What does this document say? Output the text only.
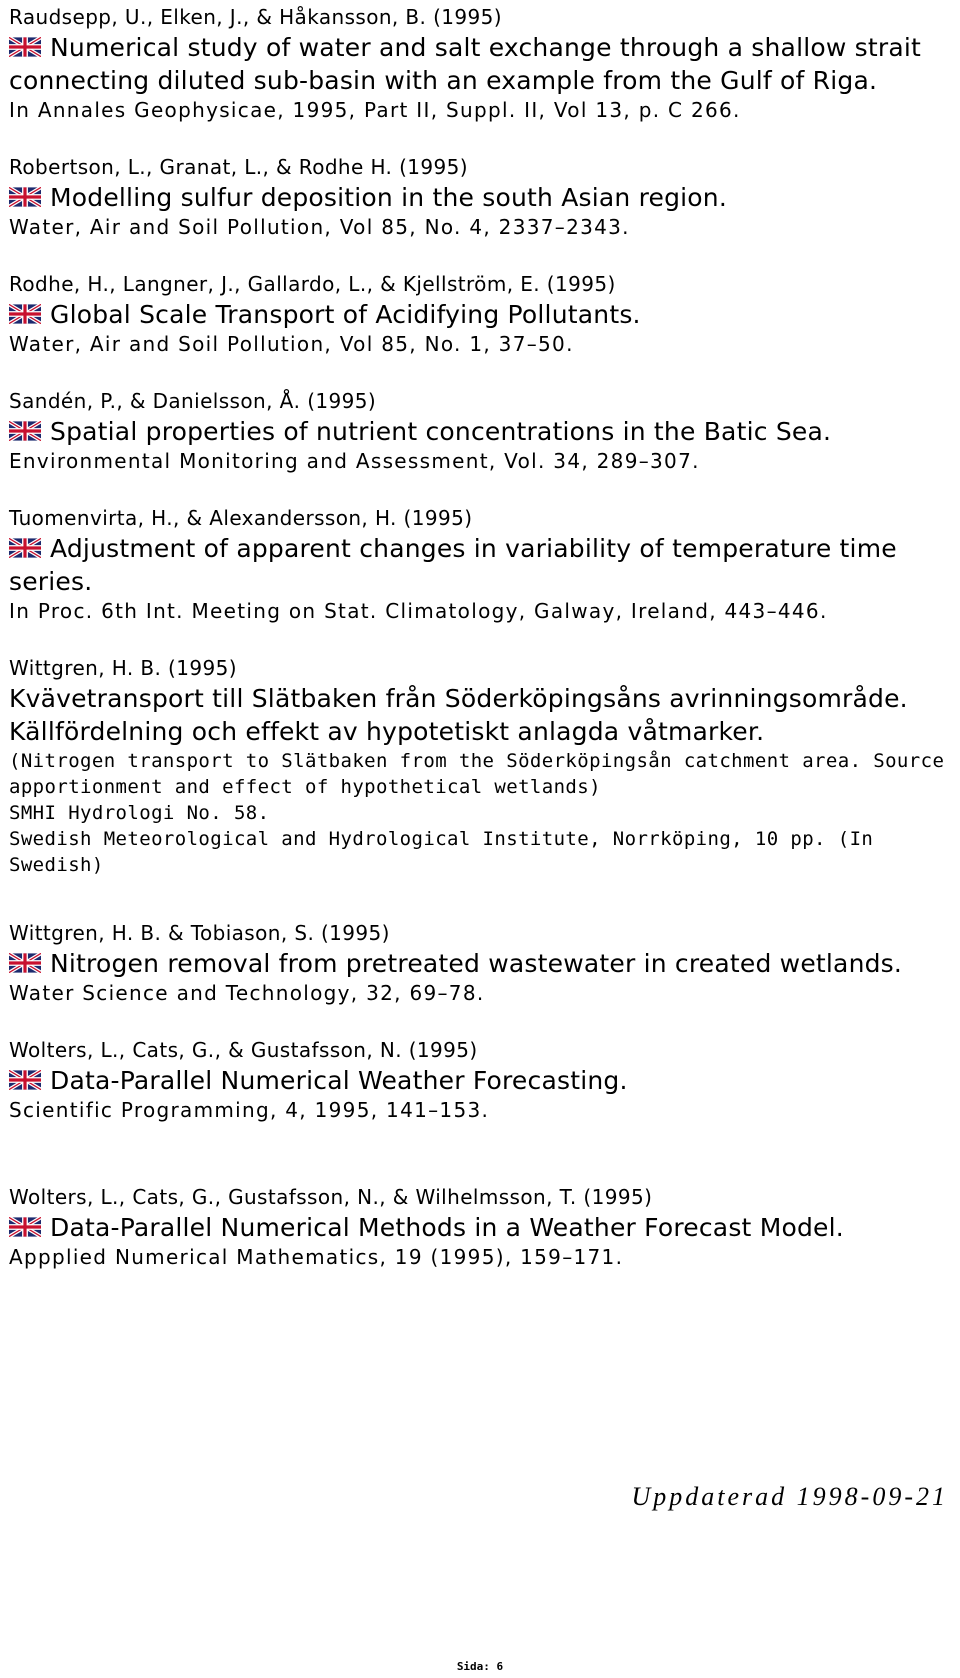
Raudsepp, U., Elken, J., & Håkansson, B. (1995)
Numerical study of water and salt exchange through a shallow strait connecting diluted sub-basin with an example from the Gulf of Riga.
In Annales Geophysicae, 1995, Part II, Suppl. II, Vol 13, p. C 266.
Robertson, L., Granat, L., & Rodhe H. (1995)
Modelling sulfur deposition in the south Asian region.
Water, Air and Soil Pollution, Vol 85, No. 4, 2337–2343.
Rodhe, H., Langner, J., Gallardo, L., & Kjellström, E. (1995)
Global Scale Transport of Acidifying Pollutants.
Water, Air and Soil Pollution, Vol 85, No. 1, 37–50.
Sandén, P., & Danielsson, Å. (1995)
Spatial properties of nutrient concentrations in the Batic Sea.
Environmental Monitoring and Assessment, Vol. 34, 289–307.
Tuomenvirta, H., & Alexandersson, H. (1995)
Adjustment of apparent changes in variability of temperature time series.
In Proc. 6th Int. Meeting on Stat. Climatology, Galway, Ireland, 443–446.
Wittgren, H. B. (1995)
Kvävetransport till Slätbaken från Söderköpingsåns avrinningsområde. Källfördelning och effekt av hypotetiskt anlagda våtmarker.
(Nitrogen transport to Slätbaken from the Söderköpingsån catchment area. Source apportionment and effect of hypothetical wetlands)
SMHI Hydrologi No. 58.
Swedish Meteorological and Hydrological Institute, Norrköping, 10 pp. (In Swedish)
Wittgren, H. B. & Tobiason, S. (1995)
Nitrogen removal from pretreated wastewater in created wetlands.
Water Science and Technology, 32, 69–78.
Wolters, L., Cats, G., & Gustafsson, N. (1995)
Data-Parallel Numerical Weather Forecasting.
Scientific Programming, 4, 1995, 141–153.
Wolters, L., Cats, G., Gustafsson, N., & Wilhelmsson, T. (1995)
Data-Parallel Numerical Methods in a Weather Forecast Model.
Appplied Numerical Mathematics, 19 (1995), 159–171.
Uppdaterad 1998-09-21
Sida: 6
